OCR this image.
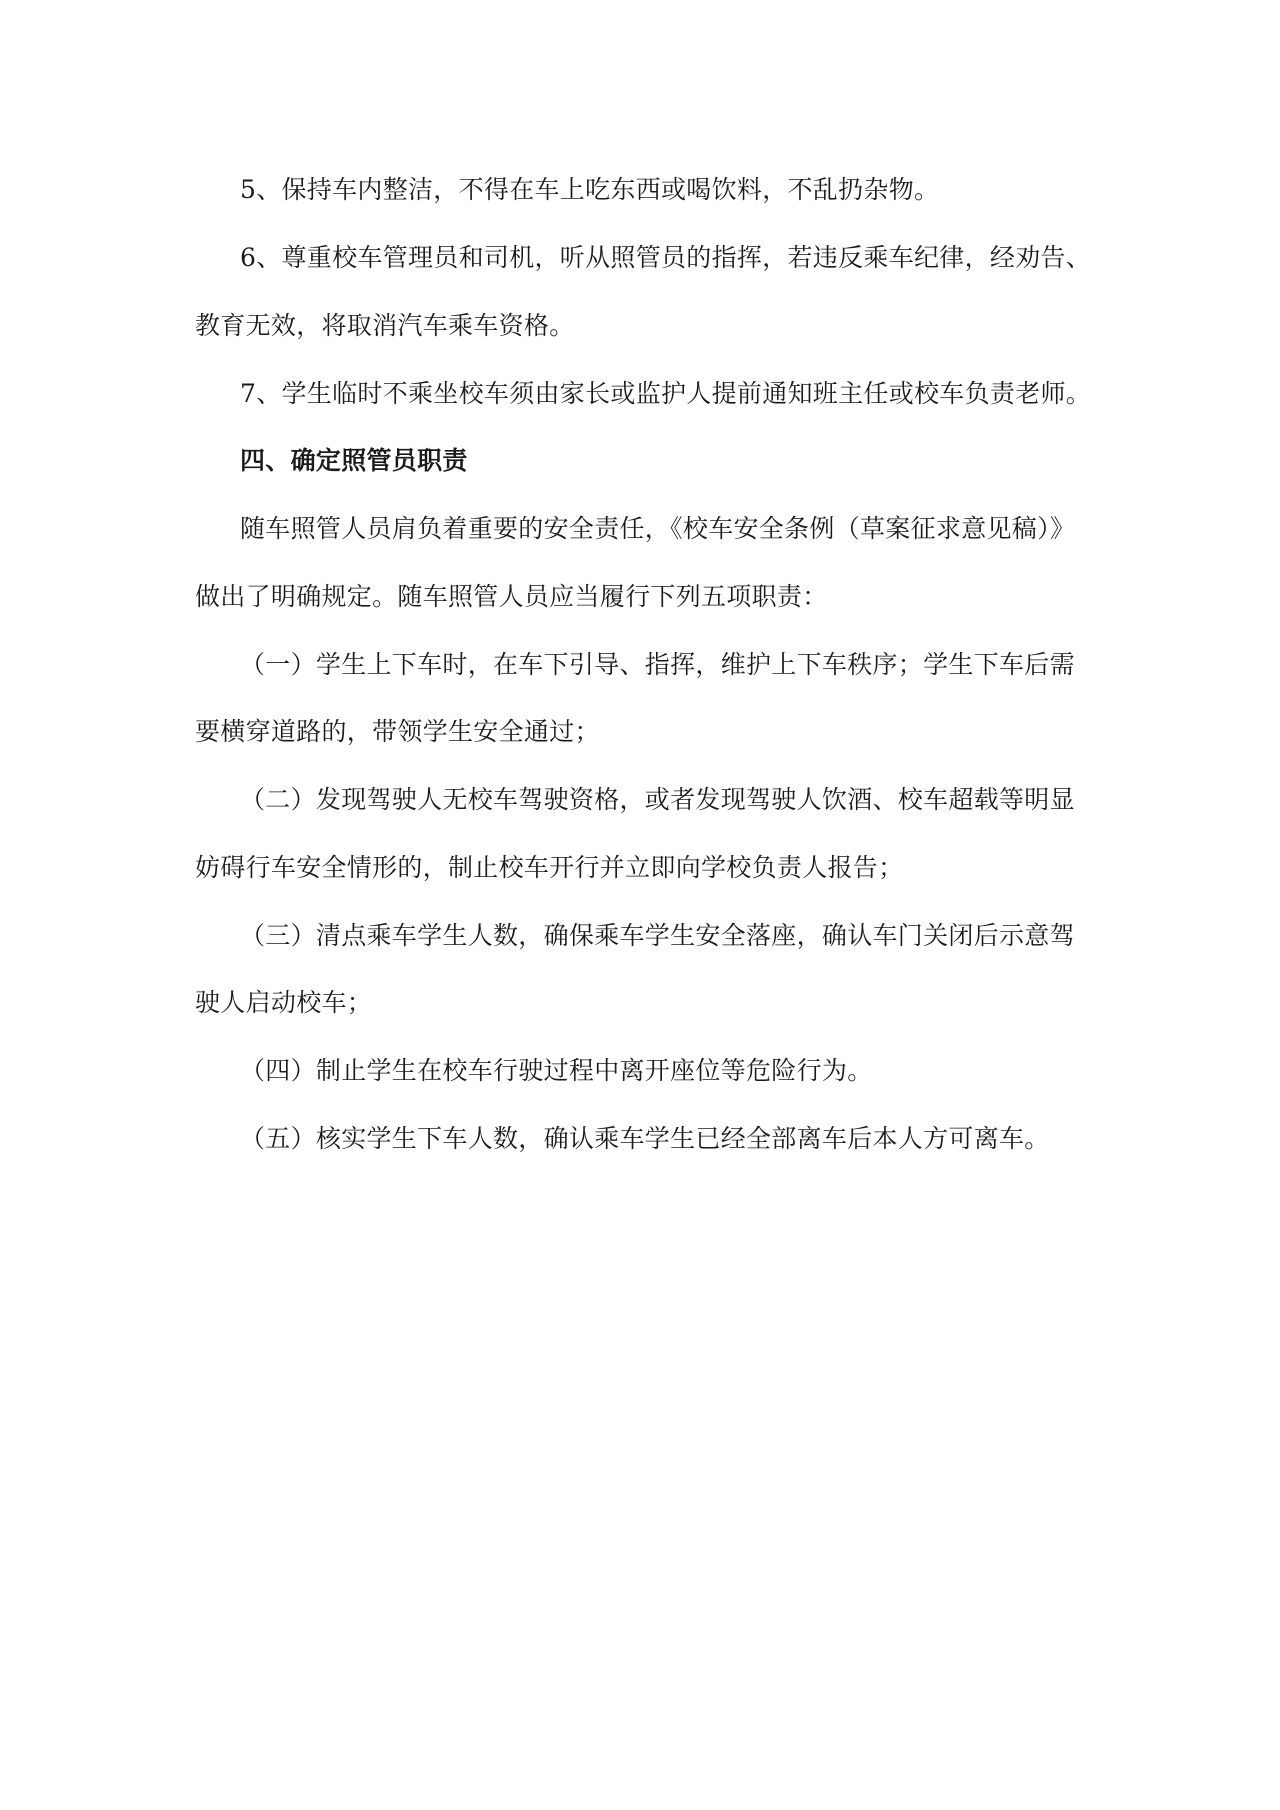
5、保持车内整洁，不得在车上吃东西或喝饮料，不乱扔杂物。
6、尊重校车管理员和司机，听从照管员的指挥，若违反乘车纪律，经劝告、
教育无效，将取消汽车乘车资格。
7、学生临时不乘坐校车须由家长或监护人提前通知班主任或校车负责老师。
四、确定照管员职责
随车照管人员肩负着重要的安全责任，《校车安全条例（草案征求意见稿）》
做出了明确规定。随车照管人员应当履行下列五项职责：
（一）学生上下车时，在车下引导、指挥，维护上下车秩序；学生下车后需
要横穿道路的，带领学生安全通过；
（二）发现驾驶人无校车驾驶资格，或者发现驾驶人饮酒、校车超载等明显
妨碍行车安全情形的，制止校车开行并立即向学校负责人报告；
（三）清点乘车学生人数，确保乘车学生安全落座，确认车门关闭后示意驾
驶人启动校车；
（四）制止学生在校车行驶过程中离开座位等危险行为。
（五）核实学生下车人数，确认乘车学生已经全部离车后本人方可离车。
